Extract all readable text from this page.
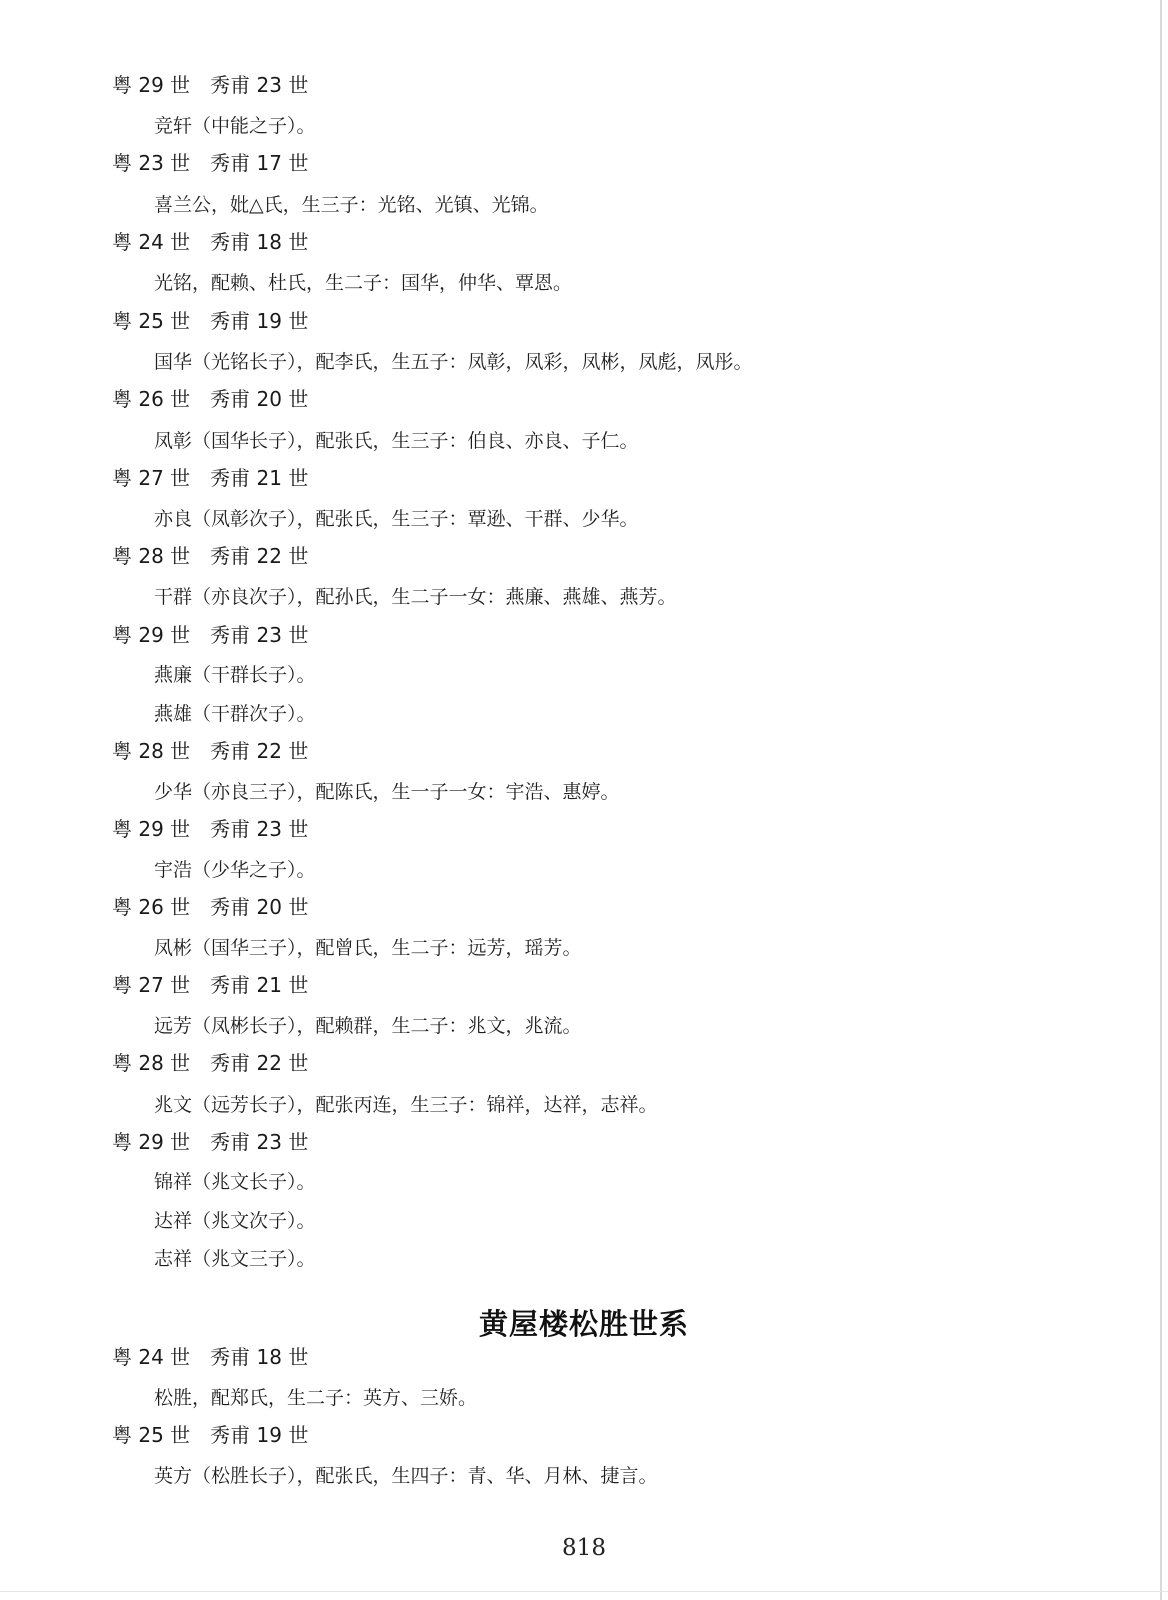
粤 29 世　秀甫 23 世
竞轩（中能之子）。
粤 23 世　秀甫 17 世
喜兰公，妣△氏，生三子：光铭、光镇、光锦。
粤 24 世　秀甫 18 世
光铭，配赖、杜氏，生二子：国华，仲华、覃恩。
粤 25 世　秀甫 19 世
国华（光铭长子），配李氏，生五子：凤彰，凤彩，凤彬，凤彪，凤彤。
粤 26 世　秀甫 20 世
凤彰（国华长子），配张氏，生三子：伯良、亦良、子仁。
粤 27 世　秀甫 21 世
亦良（凤彰次子），配张氏，生三子：覃逊、干群、少华。
粤 28 世　秀甫 22 世
干群（亦良次子），配孙氏，生二子一女：燕廉、燕雄、燕芳。
粤 29 世　秀甫 23 世
燕廉（干群长子）。
燕雄（干群次子）。
粤 28 世　秀甫 22 世
少华（亦良三子），配陈氏，生一子一女：宇浩、惠婷。
粤 29 世　秀甫 23 世
宇浩（少华之子）。
粤 26 世　秀甫 20 世
凤彬（国华三子），配曾氏，生二子：远芳，瑶芳。
粤 27 世　秀甫 21 世
远芳（凤彬长子），配赖群，生二子：兆文，兆流。
粤 28 世　秀甫 22 世
兆文（远芳长子），配张丙连，生三子：锦祥，达祥，志祥。
粤 29 世　秀甫 23 世
锦祥（兆文长子）。
达祥（兆文次子）。
志祥（兆文三子）。
黄屋楼松胜世系
粤 24 世　秀甫 18 世
松胜，配郑氏，生二子：英方、三娇。
粤 25 世　秀甫 19 世
英方（松胜长子），配张氏，生四子：青、华、月林、捷言。
818
